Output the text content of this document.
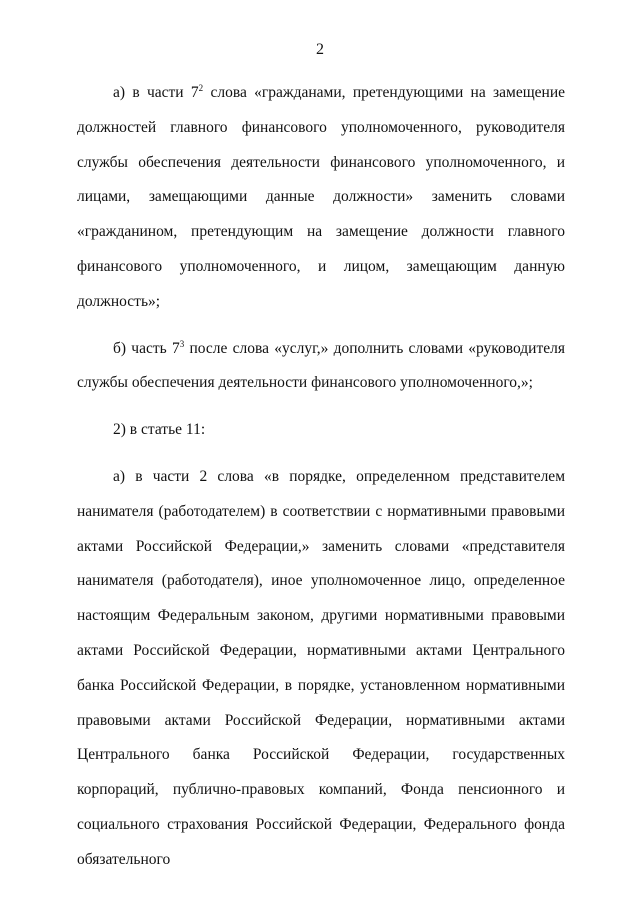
2

а) в части $7^2$ слова «гражданами, претендующими на замещение должностей главного финансового уполномоченного, руководителя службы обеспечения деятельности финансового уполномоченного, и лицами, замещающими данные должности» заменить словами «гражданином, претендующим на замещение должности главного финансового уполномоченного, и лицом, замещающим данную должность»;

б) часть $7^3$ после слова «услуг,» дополнить словами «руководителя службы обеспечения деятельности финансового уполномоченного,»;

2) в статье 11:

а) в части 2 слова «в порядке, определенном представителем нанимателя (работодателем) в соответствии с нормативными правовыми актами Российской Федерации,» заменить словами «представителя нанимателя (работодателя), иное уполномоченное лицо, определенное настоящим Федеральным законом, другими нормативными правовыми актами Российской Федерации, нормативными актами Центрального банка Российской Федерации, в порядке, установленном нормативными правовыми актами Российской Федерации, нормативными актами Центрального банка Российской Федерации, государственных корпораций, публично-правовых компаний, Фонда пенсионного и социального страхования Российской Федерации, Федерального фонда обязательного
